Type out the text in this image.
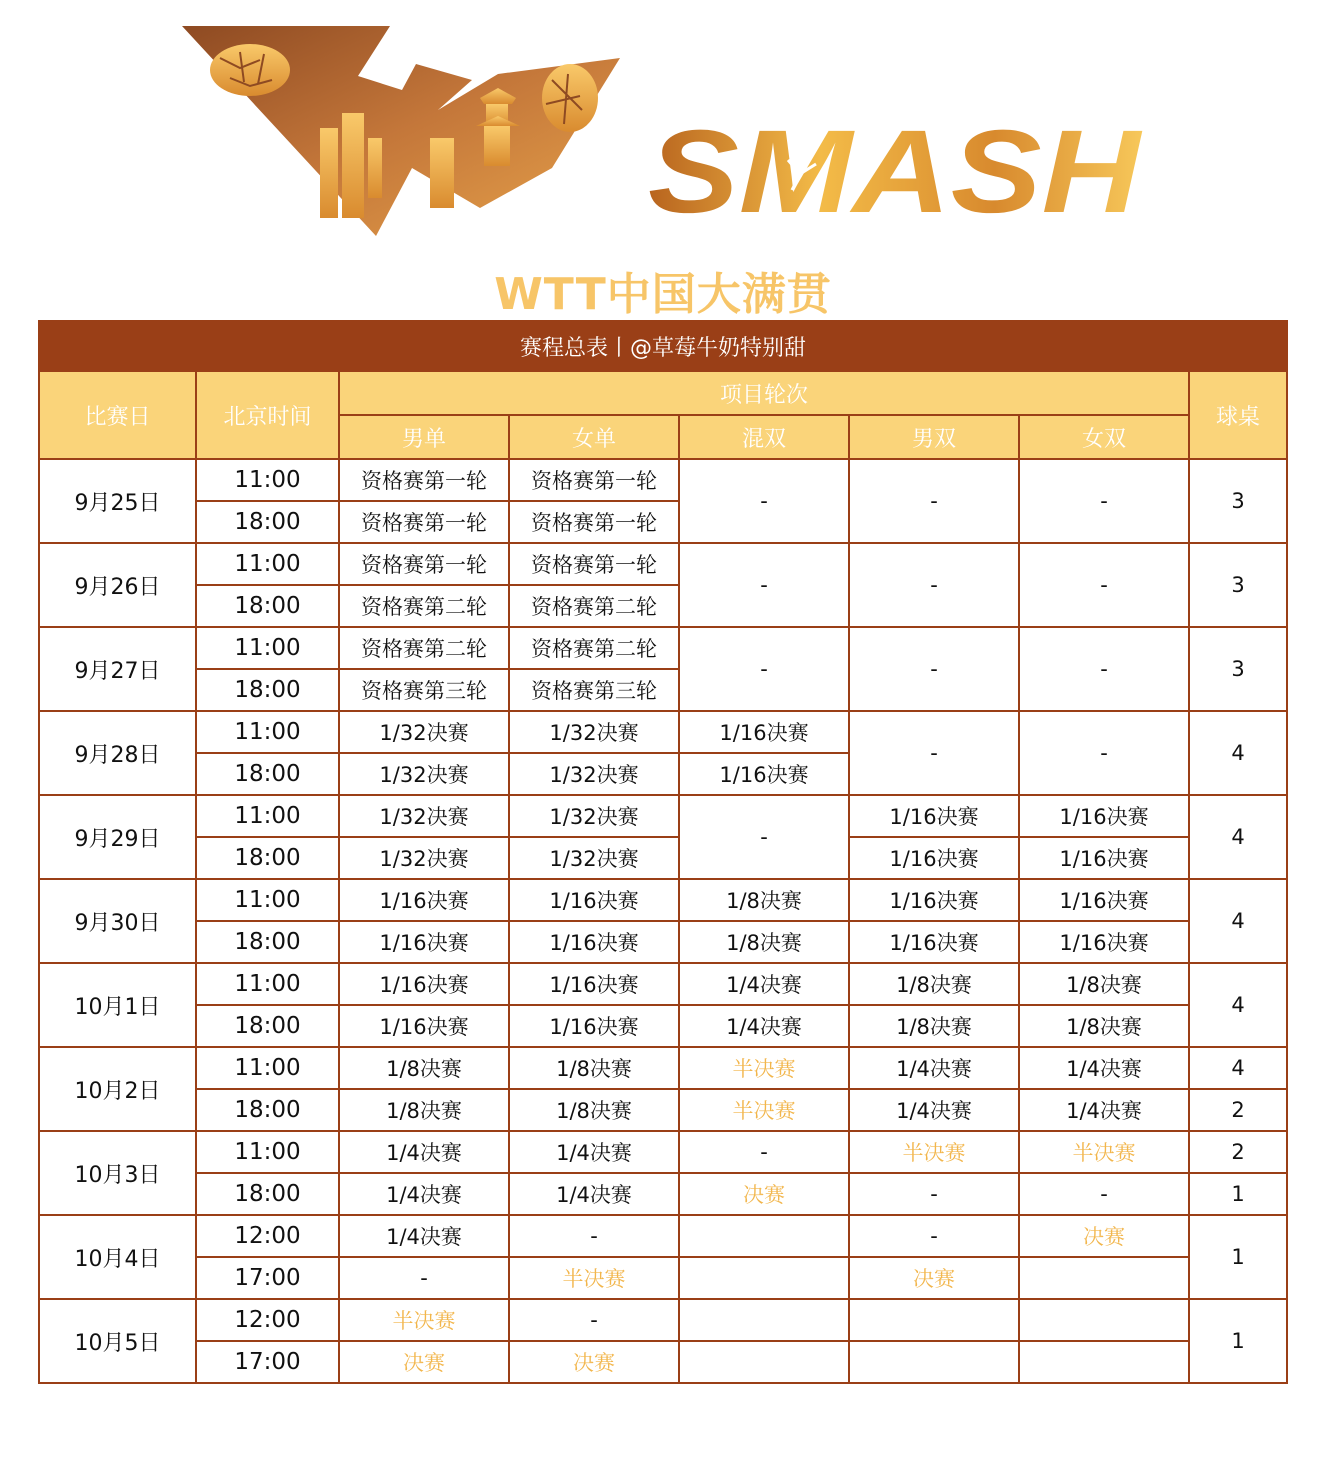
SMASH
WTT中国大满贯
赛程总表丨@草莓牛奶特别甜							
比赛日	北京时间	项目轮次					球桌
		男单	女单	混双	男双	女双	
9月25日	11:00	资格赛第一轮	资格赛第一轮	-	-	-	3
	18:00	资格赛第一轮	资格赛第一轮				
9月26日	11:00	资格赛第一轮	资格赛第一轮	-	-	-	3
	18:00	资格赛第二轮	资格赛第二轮				
9月27日	11:00	资格赛第二轮	资格赛第二轮	-	-	-	3
	18:00	资格赛第三轮	资格赛第三轮				
9月28日	11:00	1/32决赛	1/32决赛	1/16决赛	-	-	4
	18:00	1/32决赛	1/32决赛	1/16决赛			
9月29日	11:00	1/32决赛	1/32决赛	-	1/16决赛	1/16决赛	4
	18:00	1/32决赛	1/32决赛		1/16决赛	1/16决赛	
9月30日	11:00	1/16决赛	1/16决赛	1/8决赛	1/16决赛	1/16决赛	4
	18:00	1/16决赛	1/16决赛	1/8决赛	1/16决赛	1/16决赛	
10月1日	11:00	1/16决赛	1/16决赛	1/4决赛	1/8决赛	1/8决赛	4
	18:00	1/16决赛	1/16决赛	1/4决赛	1/8决赛	1/8决赛	
10月2日	11:00	1/8决赛	1/8决赛	半决赛	1/4决赛	1/4决赛	4
	18:00	1/8决赛	1/8决赛	半决赛	1/4决赛	1/4决赛	2
10月3日	11:00	1/4决赛	1/4决赛	-	半决赛	半决赛	2
	18:00	1/4决赛	1/4决赛	决赛	-	-	1
10月4日	12:00	1/4决赛	-		-	决赛	1
	17:00	-	半决赛		决赛		
10月5日	12:00	半决赛	-				1
	17:00	决赛	决赛				
